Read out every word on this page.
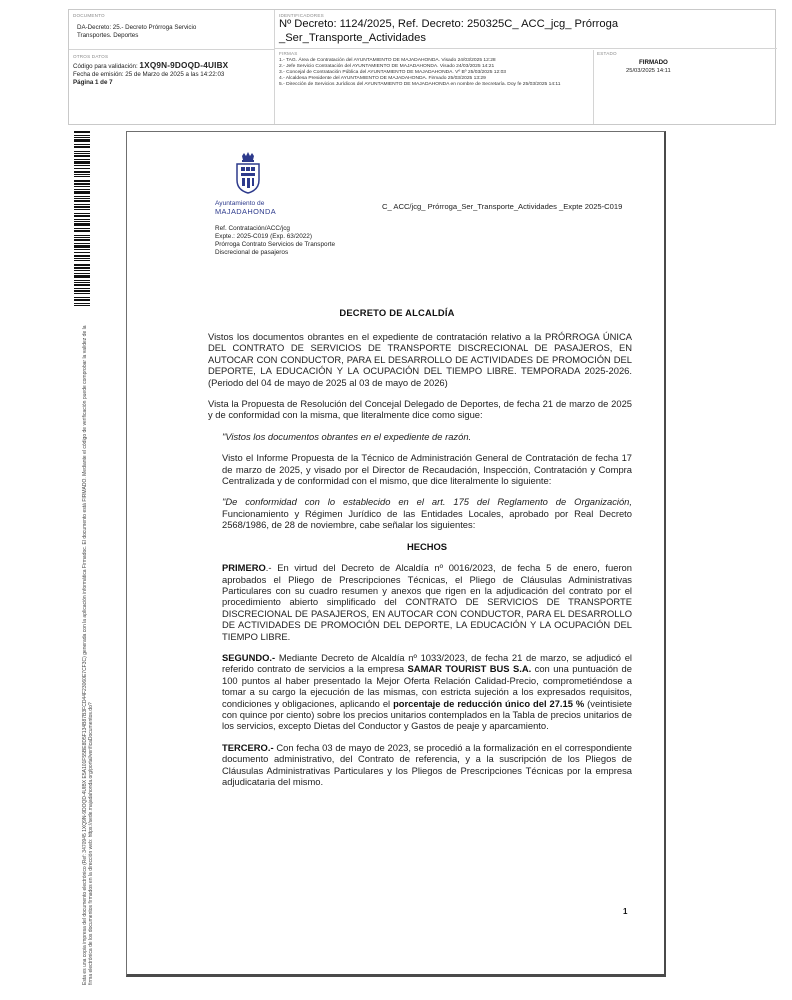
DOCUMENTO
DA-Decreto: 25.- Decreto Prórroga Servicio Transportes. Deportes
IDENTIFICADORES
Nº Decreto: 1124/2025, Ref. Decreto: 250325C_ ACC_jcg_ Prórroga _Ser_Transporte_Actividades
OTROS DATOS
Código para validación: 1XQ9N-9DOQD-4UIBX
Fecha de emisión: 25 de Marzo de 2025 a las 14:22:03
Página 1 de 7
FIRMAS
1.- TAG. Área de Contratación del AYUNTAMIENTO DE MAJADAHONDA. Visado 24/03/2025 12:28
2.- Jefe Servicio Contratación del AYUNTAMIENTO DE MAJADAHONDA. Visado 24/03/2025 14:21
3.- Concejal de Contratación Pública del AYUNTAMIENTO DE MAJADAHONDA. Vº Bº 25/03/2025 12:03
4.- Alcaldesa Presidente del AYUNTAMIENTO DE MAJADAHONDA. Firmado 25/03/2025 13:29
5.- Dirección de Servicios Jurídicos del AYUNTAMIENTO DE MAJADAHONDA en nombre de Secretaría. Doy fe 25/03/2025 14:11
ESTADO
FIRMADO
25/03/2025 14:11
Esta es una copia impresa del documento electrónico (Ref: 3470945 1XQ9N-9DOQD-4UIBX E5A101F55BE8D5F134B87B3FCD44F23060E7CF3C) generada con la aplicación informática Firmadoc. El documento está FIRMADO. Mediante el código de verificación puede comprobar la validez de la firma electrónica de los documentos firmados en la dirección web: https://sede.majadahonda.org/portal/verificaDocumentos.do?
Ayuntamiento de
MAJADAHONDA
C_ ACC/jcg_ Prórroga_Ser_Transporte_Actividades _Expte 2025-C019
Ref. Contratación/ACC/jcg
Expte.: 2025-C019 (Exp. 63/2022)
Prórroga Contrato Servicios de Transporte
Discrecional de pasajeros
DECRETO DE ALCALDÍA

Vistos los documentos obrantes en el expediente de contratación relativo a la PRÓRROGA ÚNICA DEL CONTRATO DE SERVICIOS DE TRANSPORTE DISCRECIONAL DE PASAJEROS, EN AUTOCAR CON CONDUCTOR, PARA EL DESARROLLO DE ACTIVIDADES DE PROMOCIÓN DEL DEPORTE, LA EDUCACIÓN Y LA OCUPACIÓN DEL TIEMPO LIBRE. TEMPORADA 2025-2026. (Periodo del 04 de mayo de 2025 al 03 de mayo de 2026)

Vista la Propuesta de Resolución del Concejal Delegado de Deportes, de fecha 21 de marzo de 2025 y de conformidad con la misma, que literalmente dice como sigue:

"Vistos los documentos obrantes en el expediente de razón.

Visto el Informe Propuesta de la Técnico de Administración General de Contratación de fecha 17 de marzo de 2025, y visado por el Director de Recaudación, Inspección, Contratación y Compra Centralizada y de conformidad con el mismo, que dice literalmente lo siguiente:

"De conformidad con lo establecido en el art. 175 del Reglamento de Organización, Funcionamiento y Régimen Jurídico de las Entidades Locales, aprobado por Real Decreto 2568/1986, de 28 de noviembre, cabe señalar los siguientes:

HECHOS

PRIMERO.- En virtud del Decreto de Alcaldía nº 0016/2023, de fecha 5 de enero, fueron aprobados el Pliego de Prescripciones Técnicas, el Pliego de Cláusulas Administrativas Particulares con su cuadro resumen y anexos que rigen en la adjudicación del contrato por el procedimiento abierto simplificado del CONTRATO DE SERVICIOS DE TRANSPORTE DISCRECIONAL DE PASAJEROS, EN AUTOCAR CON CONDUCTOR, PARA EL DESARROLLO DE ACTIVIDADES DE PROMOCIÓN DEL DEPORTE, LA EDUCACIÓN Y LA OCUPACIÓN DEL TIEMPO LIBRE.

SEGUNDO.- Mediante Decreto de Alcaldía nº 1033/2023, de fecha 21 de marzo, se adjudicó el referido contrato de servicios a la empresa SAMAR TOURIST BUS S.A. con una puntuación de 100 puntos al haber presentado la Mejor Oferta Relación Calidad-Precio, comprometiéndose a tomar a su cargo la ejecución de las mismas, con estricta sujeción a los expresados requisitos, condiciones y obligaciones, aplicando el porcentaje de reducción único del 27.15 % (veintisiete con quince por ciento) sobre los precios unitarios contemplados en la Tabla de precios unitarios de los servicios, excepto Dietas del Conductor y Gastos de peaje y aparcamiento.

TERCERO.- Con fecha 03 de mayo de 2023, se procedió a la formalización en el correspondiente documento administrativo, del Contrato de referencia, y a la suscripción de los Pliegos de Cláusulas Administrativas Particulares y los Pliegos de Prescripciones Técnicas por la empresa adjudicataria del mismo.

1
